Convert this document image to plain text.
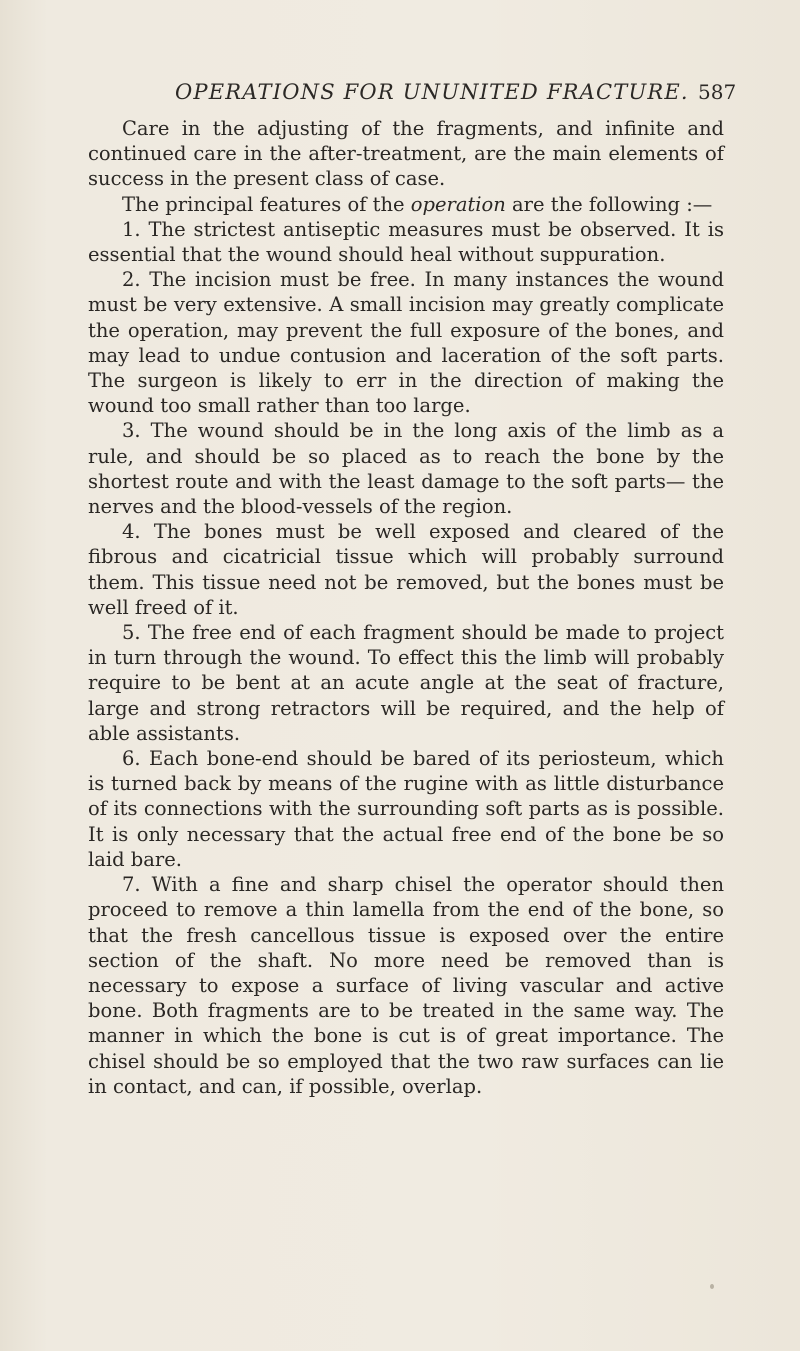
OPERATIONS FOR UNUNITED FRACTURE. 587

Care in the adjusting of the fragments, and infinite and continued care in the after-treatment, are the main elements of success in the present class of case.

The principal features of the operation are the following :—

1. The strictest antiseptic measures must be observed. It is essential that the wound should heal without suppuration.

2. The incision must be free. In many instances the wound must be very extensive. A small incision may greatly complicate the operation, may prevent the full exposure of the bones, and may lead to undue contusion and laceration of the soft parts. The surgeon is likely to err in the direction of making the wound too small rather than too large.

3. The wound should be in the long axis of the limb as a rule, and should be so placed as to reach the bone by the shortest route and with the least damage to the soft parts— the nerves and the blood-vessels of the region.

4. The bones must be well exposed and cleared of the fibrous and cicatricial tissue which will probably surround them. This tissue need not be removed, but the bones must be well freed of it.

5. The free end of each fragment should be made to project in turn through the wound. To effect this the limb will probably require to be bent at an acute angle at the seat of fracture, large and strong retractors will be required, and the help of able assistants.

6. Each bone-end should be bared of its periosteum, which is turned back by means of the rugine with as little disturbance of its connections with the surrounding soft parts as is possible. It is only necessary that the actual free end of the bone be so laid bare.

7. With a fine and sharp chisel the operator should then proceed to remove a thin lamella from the end of the bone, so that the fresh cancellous tissue is exposed over the entire section of the shaft. No more need be removed than is necessary to expose a surface of living vascular and active bone. Both fragments are to be treated in the same way. The manner in which the bone is cut is of great importance. The chisel should be so employed that the two raw surfaces can lie in contact, and can, if possible, overlap.
